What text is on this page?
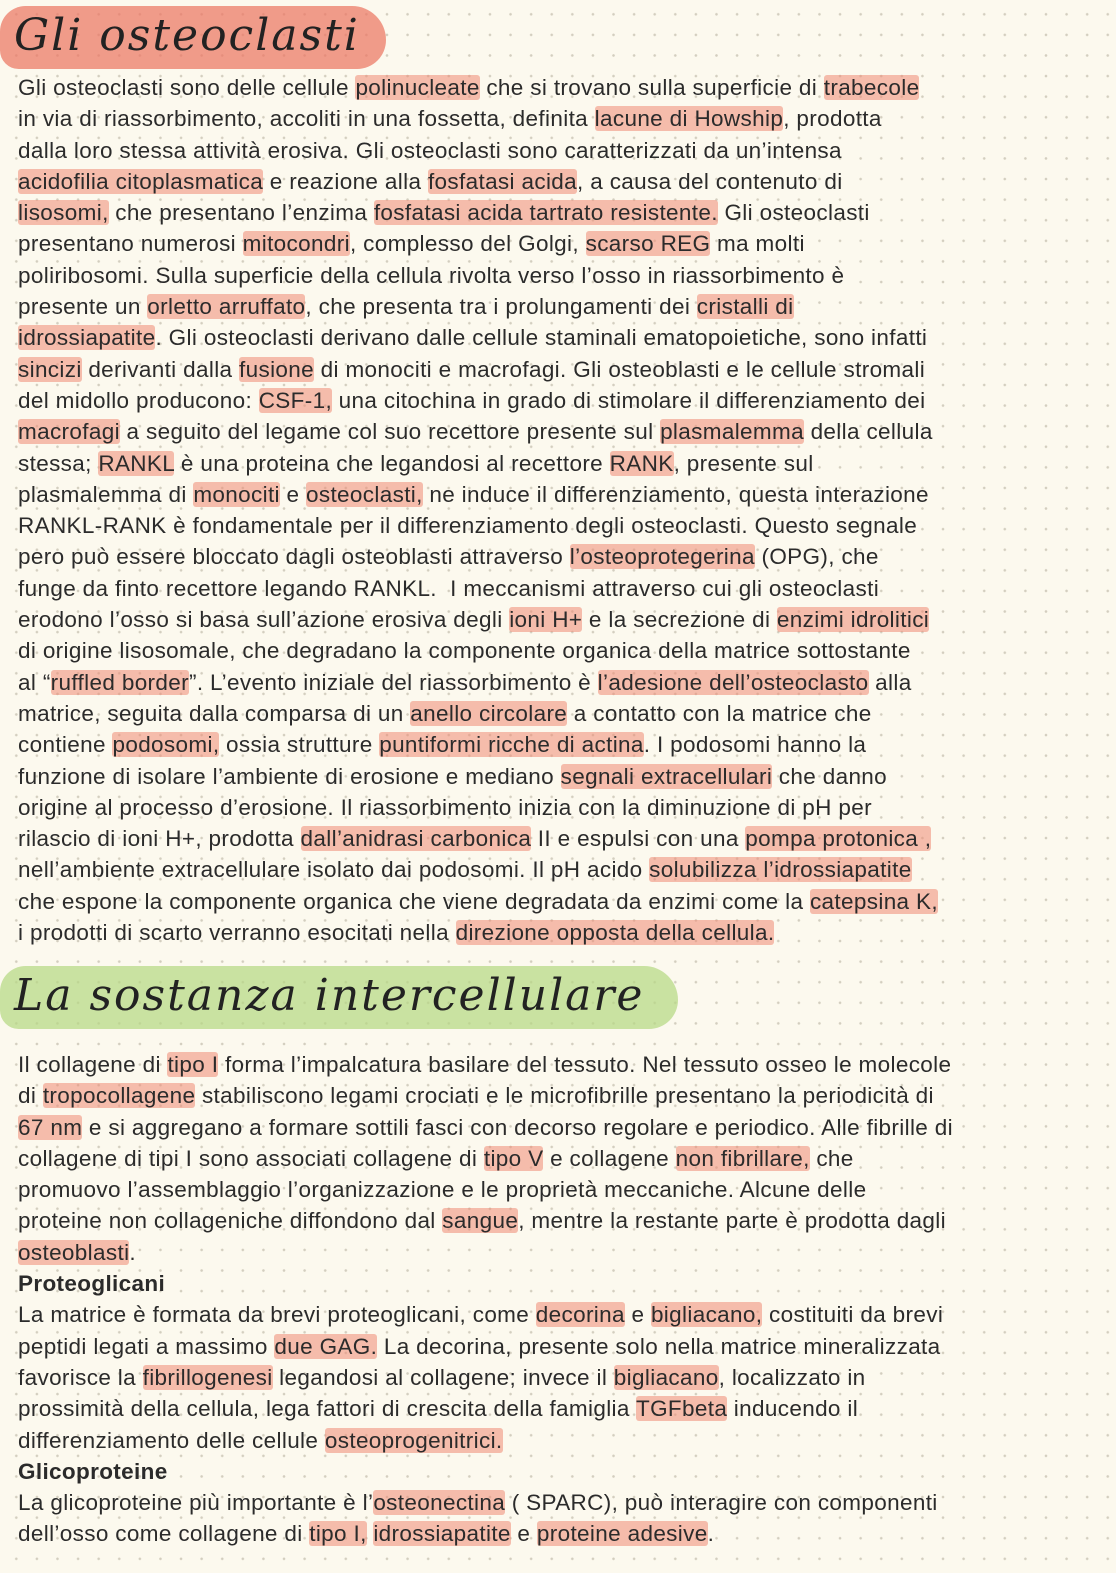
Gli osteoclasti
Gli osteoclasti sono delle cellule polinucleate che si trovano sulla superficie di trabecole
in via di riassorbimento, accoliti in una fossetta, definita lacune di Howship, prodotta
dalla loro stessa attività erosiva. Gli osteoclasti sono caratterizzati da un’intensa
acidofilia citoplasmatica e reazione alla fosfatasi acida, a causa del contenuto di
lisosomi, che presentano l’enzima fosfatasi acida tartrato resistente. Gli osteoclasti
presentano numerosi mitocondri, complesso del Golgi, scarso REG ma molti
poliribosomi. Sulla superficie della cellula rivolta verso l’osso in riassorbimento è
presente un orletto arruffato, che presenta tra i prolungamenti dei cristalli di
idrossiapatite. Gli osteoclasti derivano dalle cellule staminali ematopoietiche, sono infatti
sincizi derivanti dalla fusione di monociti e macrofagi. Gli osteoblasti e le cellule stromali
del midollo producono: CSF-1, una citochina in grado di stimolare il differenziamento dei
macrofagi a seguito del legame col suo recettore presente sul plasmalemma della cellula
stessa; RANKL è una proteina che legandosi al recettore RANK, presente sul
plasmalemma di monociti e osteoclasti, ne induce il differenziamento, questa interazione
RANKL-RANK è fondamentale per il differenziamento degli osteoclasti. Questo segnale
pero può essere bloccato dagli osteoblasti attraverso l’osteoprotegerina (OPG), che
funge da finto recettore legando RANKL.  I meccanismi attraverso cui gli osteoclasti
erodono l’osso si basa sull’azione erosiva degli ioni H+ e la secrezione di enzimi idrolitici
di origine lisosomale, che degradano la componente organica della matrice sottostante
al “ruffled border”. L’evento iniziale del riassorbimento è l’adesione dell’osteoclasto alla
matrice, seguita dalla comparsa di un anello circolare a contatto con la matrice che
contiene podosomi, ossia strutture puntiformi ricche di actina. I podosomi hanno la
funzione di isolare l’ambiente di erosione e mediano segnali extracellulari che danno
origine al processo d’erosione. Il riassorbimento inizia con la diminuzione di pH per
rilascio di ioni H+, prodotta dall’anidrasi carbonica II e espulsi con una pompa protonica ,
nell’ambiente extracellulare isolato dai podosomi. Il pH acido solubilizza l’idrossiapatite
che espone la componente organica che viene degradata da enzimi come la catepsina K,
i prodotti di scarto verranno esocitati nella direzione opposta della cellula.
La sostanza intercellulare
Il collagene di tipo I forma l’impalcatura basilare del tessuto. Nel tessuto osseo le molecole
di tropocollagene stabiliscono legami crociati e le microfibrille presentano la periodicità di
67 nm e si aggregano a formare sottili fasci con decorso regolare e periodico. Alle fibrille di
collagene di tipi I sono associati collagene di tipo V e collagene non fibrillare, che
promuovo l’assemblaggio l’organizzazione e le proprietà meccaniche. Alcune delle
proteine non collageniche diffondono dal sangue, mentre la restante parte è prodotta dagli
osteoblasti.
Proteoglicani
La matrice è formata da brevi proteoglicani, come decorina e bigliacano, costituiti da brevi
peptidi legati a massimo due GAG. La decorina, presente solo nella matrice mineralizzata
favorisce la fibrillogenesi legandosi al collagene; invece il bigliacano, localizzato in
prossimità della cellula, lega fattori di crescita della famiglia TGFbeta inducendo il
differenziamento delle cellule osteoprogenitrici.
Glicoproteine
La glicoproteine più importante è l’osteonectina ( SPARC), può interagire con componenti
dell’osso come collagene di tipo I, idrossiapatite e proteine adesive.
